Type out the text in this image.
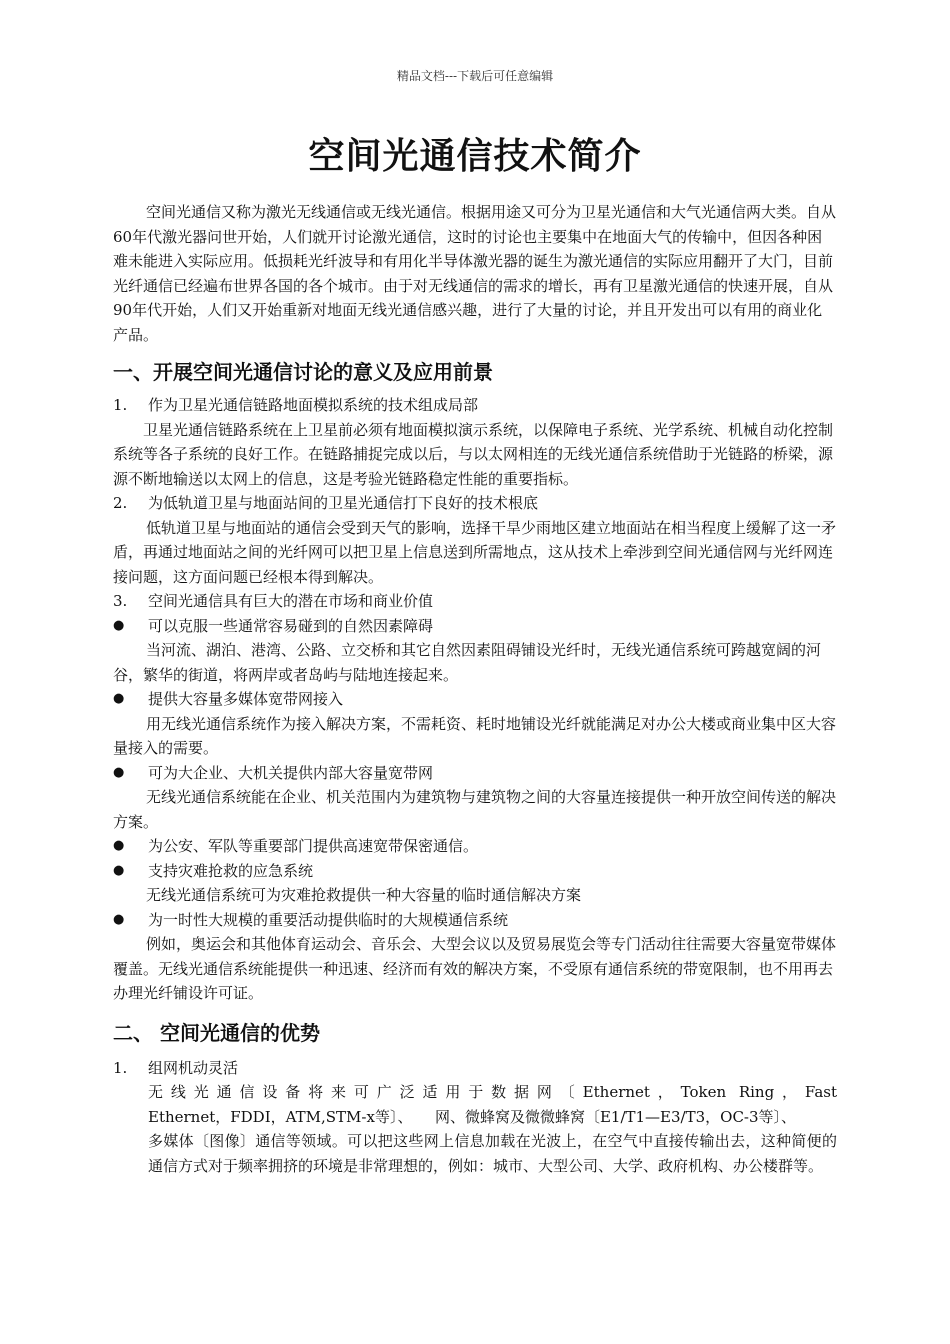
精品文档---下载后可任意编辑
空间光通信技术简介

空间光通信又称为激光无线通信或无线光通信。根据用途又可分为卫星光通信和大气光通信两大类。自从60年代激光器问世开始，人们就开讨论激光通信，这时的讨论也主要集中在地面大气的传输中，但因各种困难未能进入实际应用。低损耗光纤波导和有用化半导体激光器的诞生为激光通信的实际应用翻开了大门，目前光纤通信已经遍布世界各国的各个城市。由于对无线通信的需求的增长，再有卫星激光通信的快速开展，自从90年代开始，人们又开始重新对地面无线光通信感兴趣，进行了大量的讨论，并且开发出可以有用的商业化产品。

一、开展空间光通信讨论的意义及应用前景
1.	作为卫星光通信链路地面模拟系统的技术组成局部

卫星光通信链路系统在上卫星前必须有地面模拟演示系统，以保障电子系统、光学系统、机械自动化控制系统等各子系统的良好工作。在链路捕捉完成以后，与以太网相连的无线光通信系统借助于光链路的桥梁，源源不断地输送以太网上的信息，这是考验光链路稳定性能的重要指标。

2.	为低轨道卫星与地面站间的卫星光通信打下良好的技术根底

低轨道卫星与地面站的通信会受到天气的影响，选择干旱少雨地区建立地面站在相当程度上缓解了这一矛盾，再通过地面站之间的光纤网可以把卫星上信息送到所需地点，这从技术上牵涉到空间光通信网与光纤网连接问题，这方面问题已经根本得到解决。

3.	空间光通信具有巨大的潜在市场和商业价值
●	可以克服一些通常容易碰到的自然因素障碍

当河流、湖泊、港湾、公路、立交桥和其它自然因素阻碍铺设光纤时，无线光通信系统可跨越宽阔的河谷，繁华的街道，将两岸或者岛屿与陆地连接起来。

●	提供大容量多媒体宽带网接入

用无线光通信系统作为接入解决方案，不需耗资、耗时地铺设光纤就能满足对办公大楼或商业集中区大容量接入的需要。

●	可为大企业、大机关提供内部大容量宽带网

无线光通信系统能在企业、机关范围内为建筑物与建筑物之间的大容量连接提供一种开放空间传送的解决方案。

●	为公安、军队等重要部门提供高速宽带保密通信。
●	支持灾难抢救的应急系统

无线光通信系统可为灾难抢救提供一种大容量的临时通信解决方案

●	为一时性大规模的重要活动提供临时的大规模通信系统

例如，奥运会和其他体育运动会、音乐会、大型会议以及贸易展览会等专门活动往往需要大容量宽带媒体覆盖。无线光通信系统能提供一种迅速、经济而有效的解决方案，不受原有通信系统的带宽限制，也不用再去办理光纤铺设许可证。

二、 空间光通信的优势
1.	组网机动灵活

无线光通信设备将来可广泛适用于数据网〔Ethernet，Token Ring，Fast

Ethernet，FDDI，ATM,STM-x等〕、　　网、微蜂窝及微微蜂窝〔E1/T1—E3/T3，OC-3等〕、

多媒体〔图像〕通信等领域。可以把这些网上信息加载在光波上，在空气中直接传输出去，这种简便的通信方式对于频率拥挤的环境是非常理想的，例如：城市、大型公司、大学、政府机构、办公楼群等。
